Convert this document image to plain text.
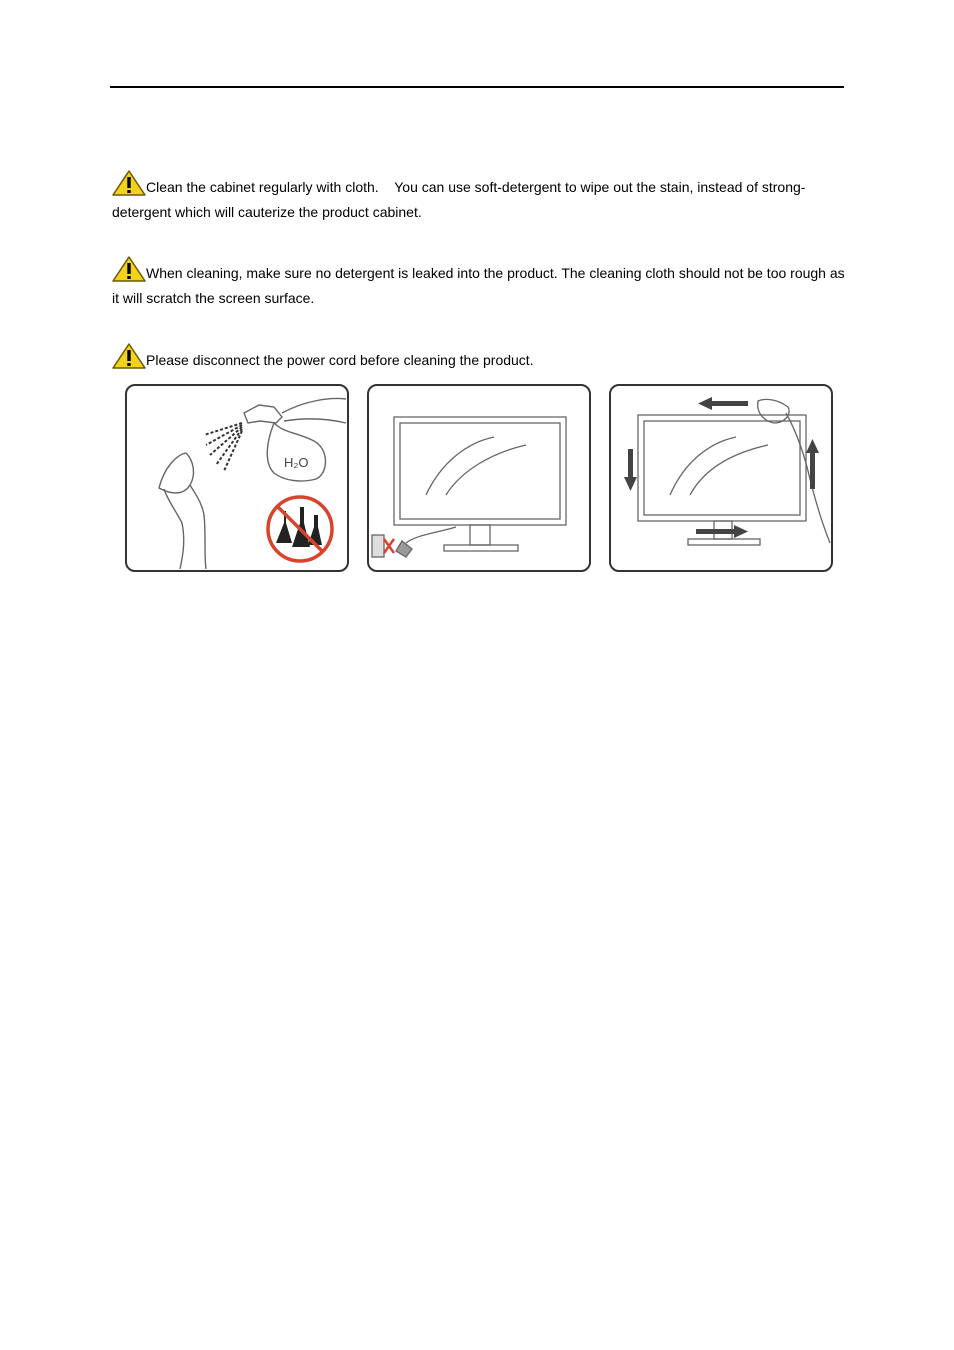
Clean the cabinet regularly with cloth.    You can use soft-detergent to wipe out the stain, instead of strong-detergent which will cauterize the product cabinet.
When cleaning, make sure no detergent is leaked into the product. The cleaning cloth should not be too rough as it will scratch the screen surface.
Please disconnect the power cord before cleaning the product.
H₂O
